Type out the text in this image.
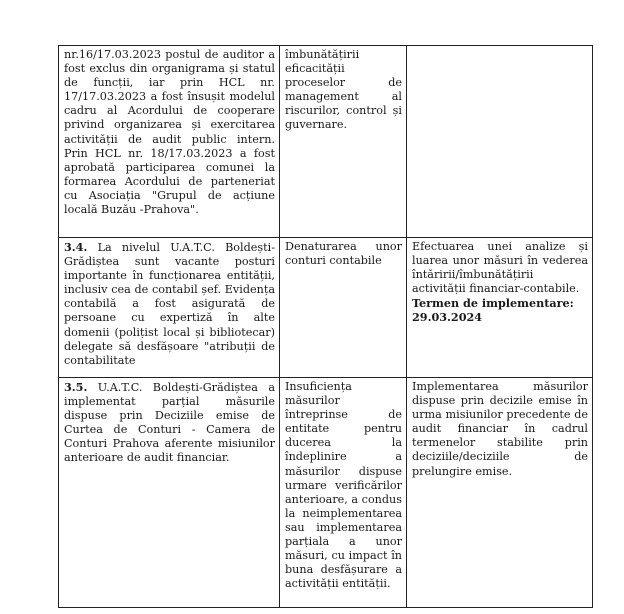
nr.16/17.03.2023 postul de auditor a fost exclus din organigrama și statul de funcții, iar prin HCL nr. 17/17.03.2023 a fost însușit modelul cadru al Acordului de cooperare privind organizarea și exercitarea activității de audit public intern. Prin HCL nr. 18/17.03.2023 a fost aprobată participarea comunei la formarea Acordului de parteneriat cu Asociația "Grupul de acțiune locală Buzău -Prahova".	îmbunătățirii eficacității proceselor de management al riscurilor, control și guvernare.	

3.4. La nivelul U.A.T.C. Boldești-Grădiștea sunt vacante posturi importante în funcționarea entității, inclusiv cea de contabil șef. Evidența contabilă a fost asigurată de persoane cu expertiză în alte domenii (polițist local și bibliotecar) delegate să desfășoare "atribuții de contabilitate	Denaturarea unor conturi contabile	Efectuarea unei analize și luarea unor măsuri în vederea întăririi/îmbunătățirii activității financiar-contabile.
Termen de implementare: 29.03.2024

3.5. U.A.T.C. Boldești-Grădiștea a implementat parțial măsurile dispuse prin Deciziile emise de Curtea de Conturi - Camera de Conturi Prahova aferente misiunilor anterioare de audit financiar.	Insuficiența măsurilor întreprinse de entitate pentru ducerea la îndeplinire a măsurilor dispuse urmare verificărilor anterioare, a condus la neimplementarea sau implementarea parțiala a unor măsuri, cu impact în buna desfășurare a activității entității.	Implementarea măsurilor dispuse prin decizile emise în urma misiunilor precedente de audit financiar în cadrul termenelor stabilite prin deciziile/deciziile de prelungire emise.
